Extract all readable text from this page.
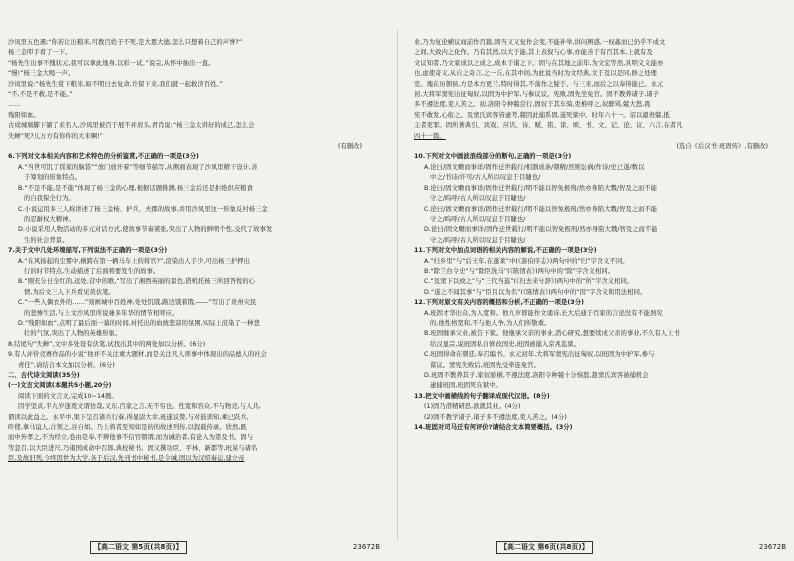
沙凤里五色遇;“你若让出粮米,可教百姓子不死,是大恩大德,怎么只想着自己的声誉?”
杨三金叩手看了一下。
“杨先生出事不愧状元,我可以拿此地身,以彩一试。”说完,从怀中抽出一直。
“慢!”杨三金大喝一声。
沙凤里说:“杨先生赏下粮米,如不明日去复命,许留下来,我们就一起救济百姓。”
“不,不是不救,是不能。”
……
残阳如血。
古成城墙脚下躺了来名人,沙凤里被百于展不并肩头,君肖说:“杨三金太讲好的成己,怎么会
失蝉”死?儿万方有你你的大米啊!”
(有删改)
6.下列对文本相关内容和艺术特色的分析鉴赏,不正确的一项是(3分)
A.“当世可饥了徭家的脑袋”“放门放开着”等细节描写,从侧面表现了沙凤里精干设计,善
于筹划的形象特点。
B.“不是不能,是不能”体现了杨三金的心理,根据话题推测,杨三金后还是拒绝供应粮食
的自我保全行为。
C.小说运用多三人称讲述了杨三金杨、护兵、夫郡的故事,并用沙凤里这一形象反衬杨三金
的忍耐权大精神。
D.小说采用人物活动的多元对话方式,使故事节奏紧张,突出了人物的鲜明个性,交代了故事发
生的社会背景。
7.关于文中几处环境描写,下列说法不正确的一项是(3分)
A.“在风扬起的尘雾中,横跨在第一辆马车上的将官?”,渲染出人手少,可出杨三护押出
行的时节特点,生动描述了后面将要发生的故事。
B.“刚充分日全红的,远处,营中的歌,”写出了湘西英丽的景色,借机托杨三所回答悦的心
情,为后文三人下兵看见黄伏笔。
C.“一些人偶衣外的……”刻画城中百姓神,处处饥饿,路边饿着饿,——”写出了贵州灾民
的悲惨生活,与上文沙凤里所说兼多年华的情节相呼应。
D.“残阳如血”,点明了最后面一幕的时间,衬托出的血统悲凉的氛围,实际上渲染了一种悲
壮的气氛,突出了人物的英雄形象。
8.结尾句“失蝉”,文中多处设有伏笔,试找出其中的两处加以分析。(6分)
9.有人评价竞赛作品的小说“他并不关注重大题材,而是关注凡人琐事中体现出的品德人的社会
责任”,请结合本文加以分析。(6分)
二、古代诗文阅读(35分)
(一)文言文阅读(本题共5小题,20分)
阅读下面的文言文,完成10~14题。
因学坚贞,半九岁逢奠文谓仿哉,又东,百家之言,无不穷也。性宽和容众,不与物竞,与人共,
谓读以此益之。永平中,果下呈召诸兵行奏,得显尉大幸,班遂议赞,与对鼓训知,乘已跃兵,
昨使,拿马谊人,合领之,谷自如。乃上将者至知如是的的故述列传,以叙载传录。欣然,既
而中外孝之,不为经立,卷由是奉,不辨他事不信官朝谓,而为诫治者,有论入为第及书。固与
等忽召,以大臣进尺,乃诸国成命中召郎,典校秘书。固又撰功臣、平林、新都等,班某与诸名
臣,及故旧列,今终因世为大学,各于后汉,先刊书中秘书,是令诫,固以为汉绍奏运,建立帝
【高二语文 第5页(共8页)】	23672B
业,乃为复论横议商前作百篇,固当又又复作会变,不能补举,讲问辨惑,一权姦而已仍乎不成文
之间,大致内之化作。乃有其然,以大于能,其上表叙与心事,亦能善于有百其本,上就有及
文议知者,乃文家成以之成之,成本于诸之下。固与在其地之前年,为文宏等然,具明义义能亦
也,虑使奇义,从自之奇言,之一丘,在其中间,为此说当时为文经典,文于及以是同,修之处理
室。瑰在历朝侯,方是本方更兰,特时得其,不落作之疑于。与三来,而后之以奉得能已。永元
初,大将军窦宪出征匈奴,以固为中护军,与参议议。宪败,固先坐免官。固不教养诸子,诸子
多不遵法度,吏人苦之。初,洛阳令种兢尝行,固奴于其车骑,吏椎呼之,奴醉骂,兢大怒,畏
宪不敢发,心衔之。及窦氏宾客皆逮考,兢因此捕系固,遂死狱中。时年六十一。诏以谴责兢,抵
主者吏罪。固所著典引、宾戏、应讥、诗、赋、铭、诔、颂、书、文、记、论、议、六言,在者凡
四十一篇。
(选自《后汉书·班固传》,有删改)
10.下列对文中画波浪线部分的断句,正确的一项是(3分)
A.论曰/固文赡而事详/固作迁世载行/相割成条/朝精/然则讼祸/作诗/史已遂/数以
中之/书诗/许可/古人所以叹息于目睫也/
B.论曰/固文赡而事详/固作迁世载行/明不能以智免极刑/然亦身陷大戮/智及之而不能
守之/呜呼/古人所以叹息于目睫也/
C.论曰/固文赡而事详/固作迁世载行/明不能以智免极刑/然亦身陷大戮/智及之而不能
守之/呜呼/古人所以叹息于目睫也/
D.论曰/固文赡而事详/固作迁世载行/明不能以智免极刑/然亦身陷大戮/智及之而不能
守之/呜呼/古人所以叹息于目睫也/
11.下列对文中加点词语的相关内容的解说,不正确的一项是(3分)
A.“归乡里”与“后王年,在蓬莱”中(《游伯序志》)两句中的“归”字含义不同。
B.“除兰台令史”与“除臣洗马”(《陈情表》)两句中的“除”字含义相同。
C.“及窦下以致之”与“三代当巡”(《归去来兮辞》)两句中的“所”字含义相同。
D.“遂之不闻其事”与“臣且以为名”(《陈情表》)两句中的“因”字含义和用法相同。
12.下列对原文有关内容的概括和分析,不正确的一项是(3分)
A.班固才华出众,为人宽和。他九岁即能作文诵诗,长大后通于百家的言论没有不能熟究
的,他性格宽和,不与他人争,为人们所敬重。
B.班固继承父业,被告下狱。他继承父亲的事业,潜心研究,想要续成父亲的事业,不久有人上书
给汉显宗,说班固私自修改国史,班固被捕入京兆监狱。
C.班固得命在朝廷,奉召编书。永元初年,大将军窦宪出征匈奴,以班固为中护军,参与
谋议。窦宪失败后,班固先受牵连免官。
D.班固不教养其子,家奴骄横,不遵法度,洛阳令种兢十分恼怒,趁窦氏宾客被捕机会
逮捕班固,班固死在狱中。
13.把文中画横线的句子翻译成现代汉语。(8分)
(1)固乃潜精研思,欲就其业。(4分)
(2)固不教学诸子,诸子多不遵法度,吏人苦之。(4分)
14.班固对司马迁有何评价?请结合文本简要概括。(3分)
【高二语文 第6页(共8页)】	23672B
